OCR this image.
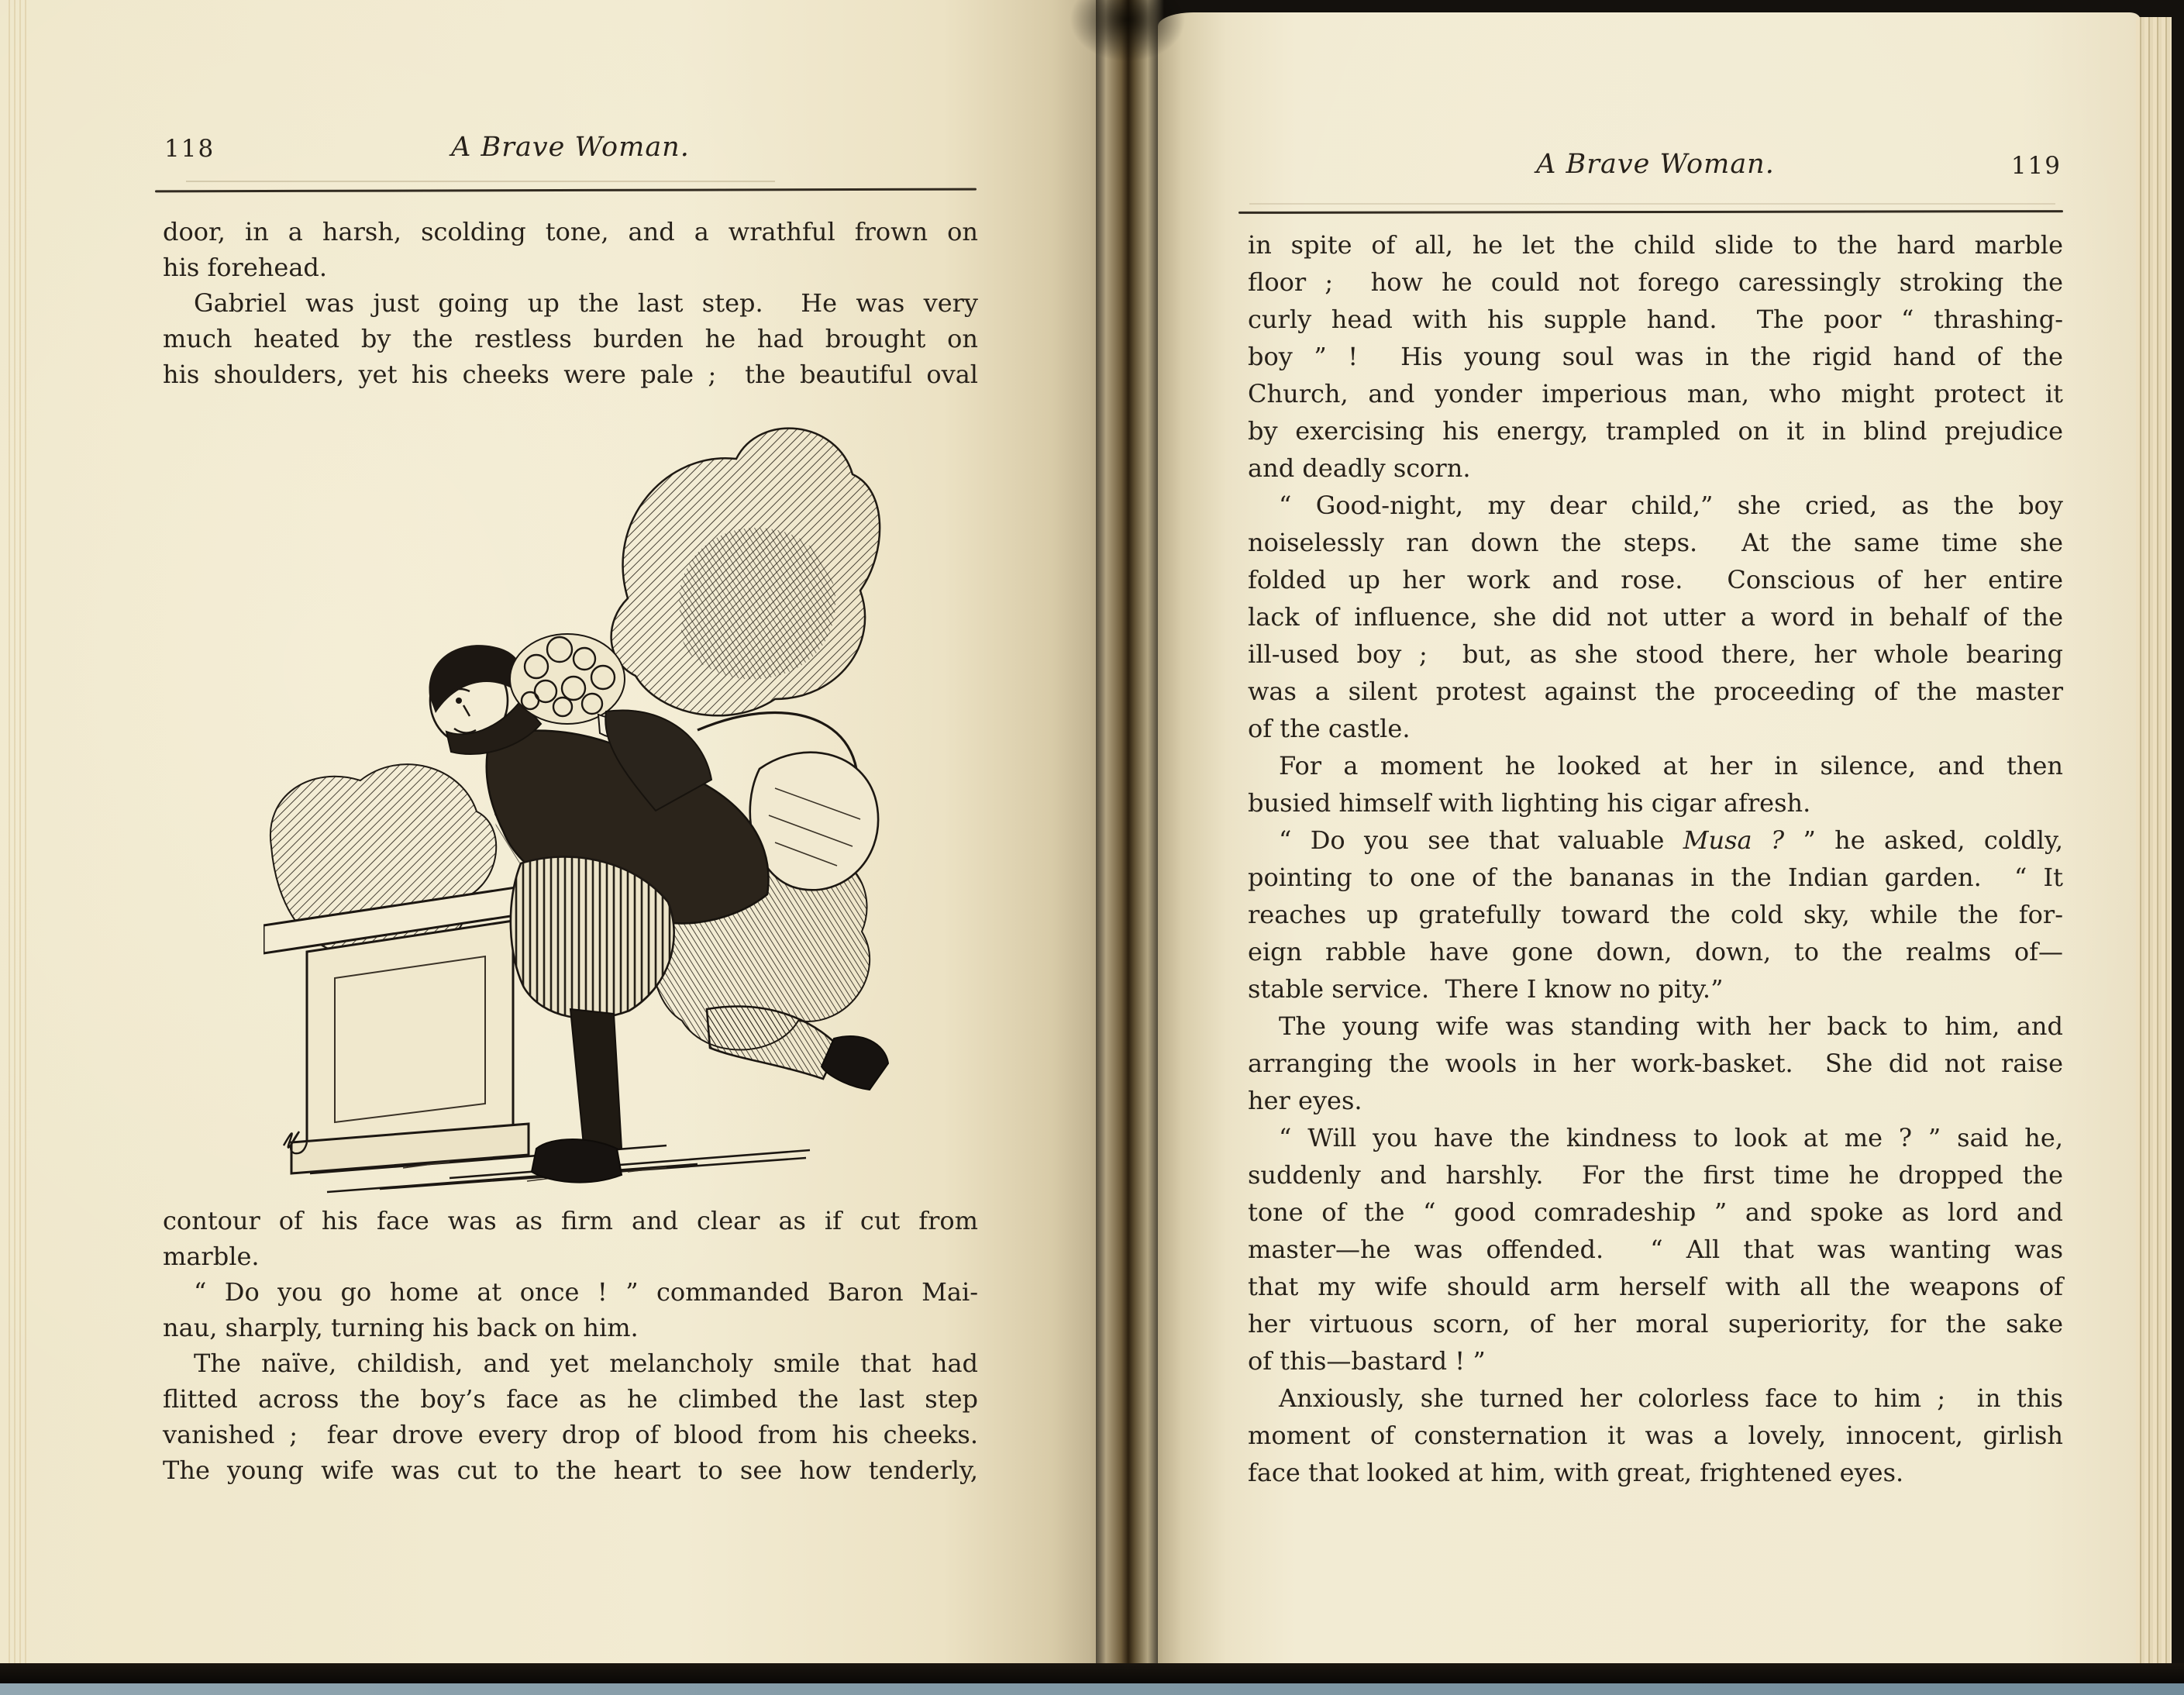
118	A Brave Woman.
door, in a harsh, scolding tone, and a wrathful frown on
his forehead.
Gabriel was just going up the last step.  He was very
much heated by the restless burden he had brought on
his shoulders, yet his cheeks were pale ;  the beautiful oval
contour of his face was as firm and clear as if cut from
marble.
“ Do you go home at once ! ” commanded Baron Mai-
nau, sharply, turning his back on him.
The naïve, childish, and yet melancholy smile that had
flitted across the boy’s face as he climbed the last step
vanished ;  fear drove every drop of blood from his cheeks.
The young wife was cut to the heart to see how tenderly,
A Brave Woman.	119
in spite of all, he let the child slide to the hard marble
floor ;  how he could not forego caressingly stroking the
curly head with his supple hand.  The poor “ thrashing-
boy ” !  His young soul was in the rigid hand of the
Church, and yonder imperious man, who might protect it
by exercising his energy, trampled on it in blind prejudice
and deadly scorn.
“ Good-night, my dear child,” she cried, as the boy
noiselessly ran down the steps.  At the same time she
folded up her work and rose.  Conscious of her entire
lack of influence, she did not utter a word in behalf of the
ill-used boy ;  but, as she stood there, her whole bearing
was a silent protest against the proceeding of the master
of the castle.
For a moment he looked at her in silence, and then
busied himself with lighting his cigar afresh.
“ Do you see that valuable Musa ? ” he asked, coldly,
pointing to one of the bananas in the Indian garden.  “ It
reaches up gratefully toward the cold sky, while the for-
eign rabble have gone down, down, to the realms of—
stable service.  There I know no pity.”
The young wife was standing with her back to him, and
arranging the wools in her work-basket.  She did not raise
her eyes.
“ Will you have the kindness to look at me ? ” said he,
suddenly and harshly.  For the first time he dropped the
tone of the “ good comradeship ” and spoke as lord and
master—he was offended.  “ All that was wanting was
that my wife should arm herself with all the weapons of
her virtuous scorn, of her moral superiority, for the sake
of this—bastard ! ”
Anxiously, she turned her colorless face to him ;  in this
moment of consternation it was a lovely, innocent, girlish
face that looked at him, with great, frightened eyes.
